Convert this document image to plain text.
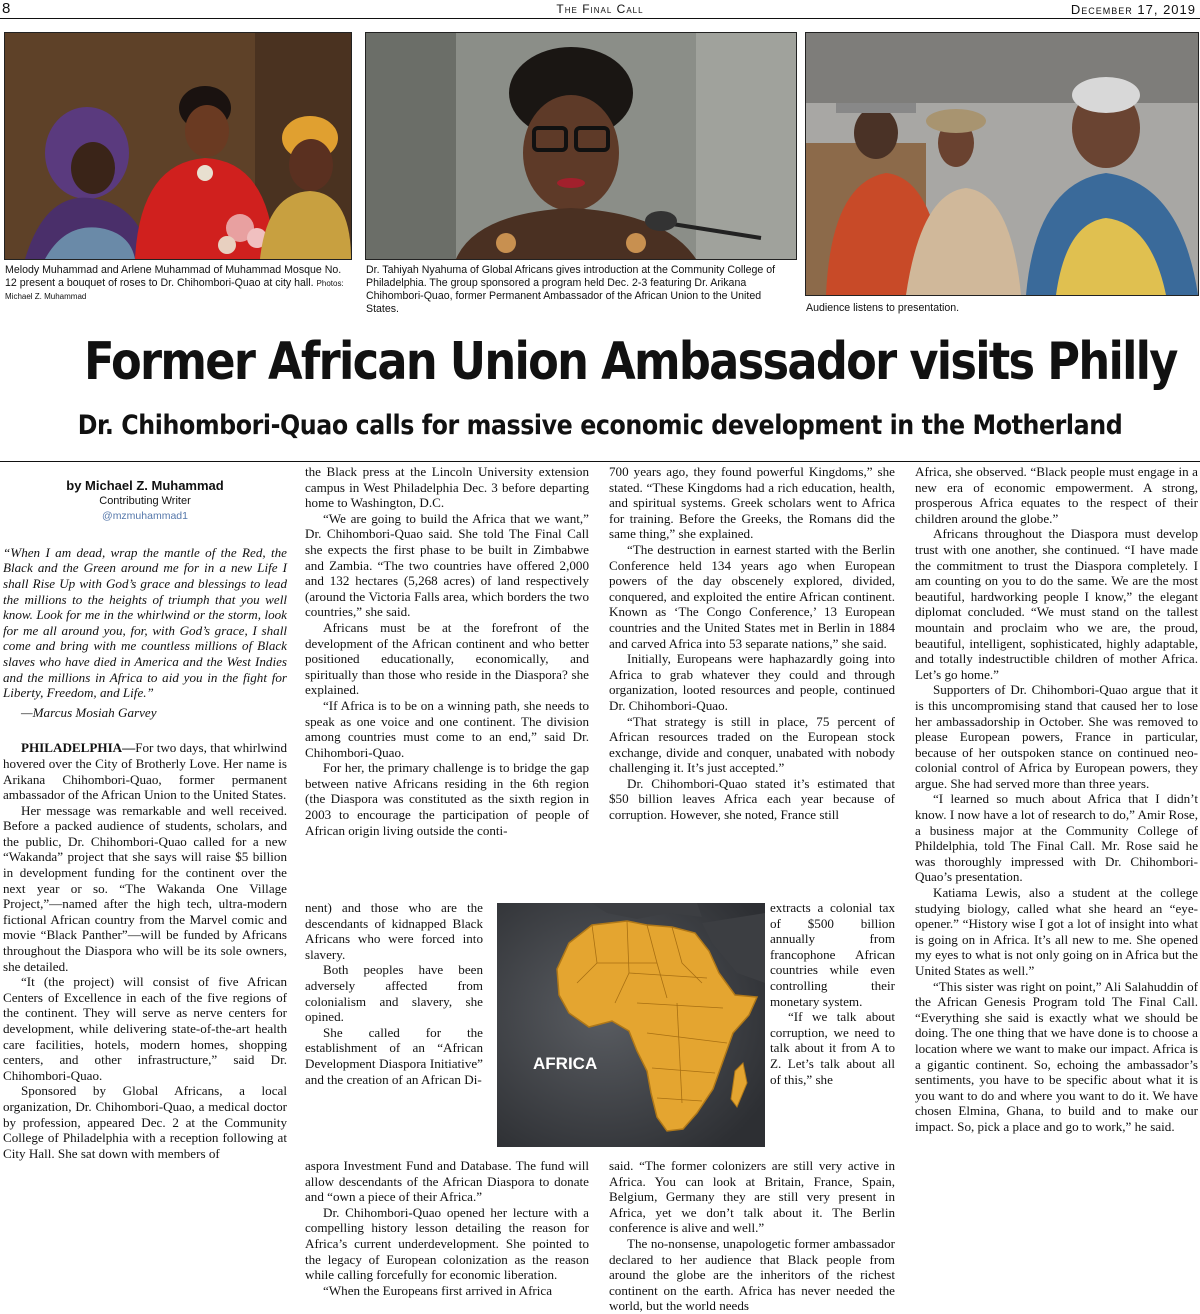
8	The Final Call	December 17, 2019
Melody Muhammad and Arlene Muhammad of Muhammad Mosque No. 12 present a bouquet of roses to Dr. Chihombori-Quao at city hall. Photos: Michael Z. Muhammad
Dr. Tahiyah Nyahuma of Global Africans gives introduction at the Community College of Philadelphia. The group sponsored a program held Dec. 2-3 featuring Dr. Arikana Chihombori-Quao, former Permanent Ambassador of the African Union to the United States.	Audience listens to presentation.
Former African Union Ambassador visits Philly
Dr. Chihombori-Quao calls for massive economic development in the Motherland
by Michael Z. Muhammad
Contributing Writer
@mzmuhammad1

“When I am dead, wrap the mantle of the Red, the Black and the Green around me for in a new Life I shall Rise Up with God’s grace and blessings to lead the millions to the heights of triumph that you well know. Look for me in the whirlwind or the storm, look for me all around you, for, with God’s grace, I shall come and bring with me countless millions of Black slaves who have died in America and the West Indies and the millions in Africa to aid you in the fight for Liberty, Freedom, and Life.”

—Marcus Mosiah Garvey

PHILADELPHIA—For two days, that whirlwind hovered over the City of Brotherly Love. Her name is Arikana Chihombori-Quao, former permanent ambassador of the African Union to the United States.

Her message was remarkable and well received. Before a packed audience of students, scholars, and the public, Dr. Chihombori-Quao called for a new “Wakanda” project that she says will raise $5 billion in development funding for the continent over the next year or so. “The Wakanda One Village Project,”—named after the high tech, ultra-modern fictional African country from the Marvel comic and movie “Black Panther”—will be funded by Africans throughout the Diaspora who will be its sole owners, she detailed.

“It (the project) will consist of five African Centers of Excellence in each of the five regions of the continent. They will serve as nerve centers for development, while delivering state-of-the-art health care facilities, hotels, modern homes, shopping centers, and other infrastructure,” said Dr. Chihombori-Quao.

Sponsored by Global Africans, a local organization, Dr. Chihombori-Quao, a medical doctor by profession, appeared Dec. 2 at the Community College of Philadelphia with a reception following at City Hall. She sat down with members of

the Black press at the Lincoln University extension campus in West Philadelphia Dec. 3 before departing home to Washington, D.C.

“We are going to build the Africa that we want,” Dr. Chihombori-Quao said. She told The Final Call she expects the first phase to be built in Zimbabwe and Zambia. “The two countries have offered 2,000 and 132 hectares (5,268 acres) of land respectively (around the Victoria Falls area, which borders the two countries,” she said.

Africans must be at the forefront of the development of the African continent and who better positioned educationally, economically, and spiritually than those who reside in the Diaspora? she explained.

“If Africa is to be on a winning path, she needs to speak as one voice and one continent. The division among countries must come to an end,” said Dr. Chihombori-Quao.

For her, the primary challenge is to bridge the gap between native Africans residing in the 6th region (the Diaspora was constituted as the sixth region in 2003 to encourage the participation of people of African origin living outside the conti-

nent) and those who are the descendants of kidnapped Black Africans who were forced into slavery.

Both peoples have been adversely affected from colonialism and slavery, she opined.

She called for the establishment of an “African Development Diaspora Initiative” and the creation of an African Di-

aspora Investment Fund and Database. The fund will allow descendants of the African Diaspora to donate and “own a piece of their Africa.”

Dr. Chihombori-Quao opened her lecture with a compelling history lesson detailing the reason for Africa’s current underdevelopment. She pointed to the legacy of European colonization as the reason while calling forcefully for economic liberation.

“When the Europeans first arrived in Africa

AFRICA

700 years ago, they found powerful Kingdoms,” she stated. “These Kingdoms had a rich education, health, and spiritual systems. Greek scholars went to Africa for training. Before the Greeks, the Romans did the same thing,” she explained.

“The destruction in earnest started with the Berlin Conference held 134 years ago when European powers of the day obscenely explored, divided, conquered, and exploited the entire African continent. Known as ‘The Congo Conference,’ 13 European countries and the United States met in Berlin in 1884 and carved Africa into 53 separate nations,” she said.

Initially, Europeans were haphazardly going into Africa to grab whatever they could and through organization, looted resources and people, continued Dr. Chihombori-Quao.

“That strategy is still in place, 75 percent of African resources traded on the European stock exchange, divide and conquer, unabated with nobody challenging it. It’s just accepted.”

Dr. Chihombori-Quao stated it’s estimated that $50 billion leaves Africa each year because of corruption. However, she noted, France still

extracts a colonial tax of $500 billion annually from francophone African countries while even controlling their monetary system.

“If we talk about corruption, we need to talk about it from A to Z. Let’s talk about all of this,” she

said. “The former colonizers are still very active in Africa. You can look at Britain, France, Spain, Belgium, Germany they are still very present in Africa, yet we don’t talk about it. The Berlin conference is alive and well.”

The no-nonsense, unapologetic former ambassador declared to her audience that Black people from around the globe are the inheritors of the richest continent on the earth. Africa has never needed the world, but the world needs

Africa, she observed. “Black people must engage in a new era of economic empowerment. A strong, prosperous Africa equates to the respect of their children around the globe.”

Africans throughout the Diaspora must develop trust with one another, she continued. “I have made the commitment to trust the Diaspora completely. I am counting on you to do the same. We are the most beautiful, hardworking people I know,” the elegant diplomat concluded. “We must stand on the tallest mountain and proclaim who we are, the proud, beautiful, intelligent, sophisticated, highly adaptable, and totally indestructible children of mother Africa. Let’s go home.”

Supporters of Dr. Chihombori-Quao argue that it is this uncompromising stand that caused her to lose her ambassadorship in October. She was removed to please European powers, France in particular, because of her outspoken stance on continued neo-colonial control of Africa by European powers, they argue. She had served more than three years.

“I learned so much about Africa that I didn’t know. I now have a lot of research to do,” Amir Rose, a business major at the Community College of Phildelphia, told The Final Call. Mr. Rose said he was thoroughly impressed with Dr. Chihombori-Quao’s presentation.

Katiama Lewis, also a student at the college studying biology, called what she heard an “eye-opener.” “History wise I got a lot of insight into what is going on in Africa. It’s all new to me. She opened my eyes to what is not only going on in Africa but the United States as well.”

“This sister was right on point,” Ali Salahuddin of the African Genesis Program told The Final Call. “Everything she said is exactly what we should be doing. The one thing that we have done is to choose a location where we want to make our impact. Africa is a gigantic continent. So, echoing the ambassador’s sentiments, you have to be specific about what it is you want to do and where you want to do it. We have chosen Elmina, Ghana, to build and to make our impact. So, pick a place and go to work,” he said.
